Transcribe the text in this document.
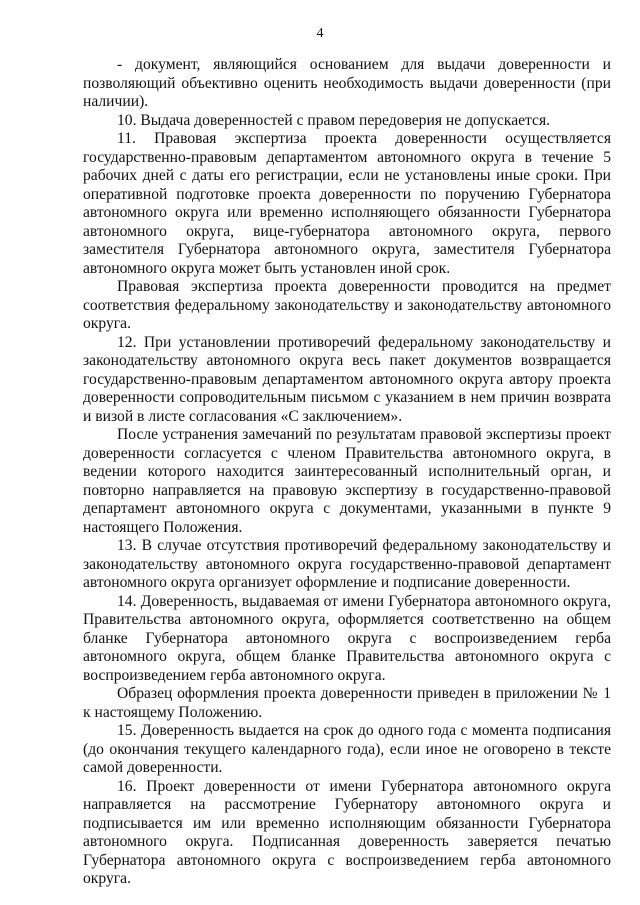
4

- документ, являющийся основанием для выдачи доверенности и позволяющий объективно оценить необходимость выдачи доверенности (при наличии).

10. Выдача доверенностей с правом передоверия не допускается.

11. Правовая экспертиза проекта доверенности осуществляется государственно-правовым департаментом автономного округа в течение 5 рабочих дней с даты его регистрации, если не установлены иные сроки. При оперативной подготовке проекта доверенности по поручению Губернатора автономного округа или временно исполняющего обязанности Губернатора автономного округа, вице-губернатора автономного округа, первого заместителя Губернатора автономного округа, заместителя Губернатора автономного округа может быть установлен иной срок.

Правовая экспертиза проекта доверенности проводится на предмет соответствия федеральному законодательству и законодательству автономного округа.

12. При установлении противоречий федеральному законодательству и законодательству автономного округа весь пакет документов возвращается государственно-правовым департаментом автономного округа автору проекта доверенности сопроводительным письмом с указанием в нем причин возврата и визой в листе согласования «С заключением».

После устранения замечаний по результатам правовой экспертизы проект доверенности согласуется с членом Правительства автономного округа, в ведении которого находится заинтересованный исполнительный орган, и повторно направляется на правовую экспертизу в государственно-правовой департамент автономного округа с документами, указанными в пункте 9 настоящего Положения.

13. В случае отсутствия противоречий федеральному законодательству и законодательству автономного округа государственно-правовой департамент автономного округа организует оформление и подписание доверенности.

14. Доверенность, выдаваемая от имени Губернатора автономного округа, Правительства автономного округа, оформляется соответственно на общем бланке Губернатора автономного округа с воспроизведением герба автономного округа, общем бланке Правительства автономного округа с воспроизведением герба автономного округа.

Образец оформления проекта доверенности приведен в приложении № 1 к настоящему Положению.

15. Доверенность выдается на срок до одного года с момента подписания (до окончания текущего календарного года), если иное не оговорено в тексте самой доверенности.

16. Проект доверенности от имени Губернатора автономного округа направляется на рассмотрение Губернатору автономного округа и подписывается им или временно исполняющим обязанности Губернатора автономного округа. Подписанная доверенность заверяется печатью Губернатора автономного округа с воспроизведением герба автономного округа.
